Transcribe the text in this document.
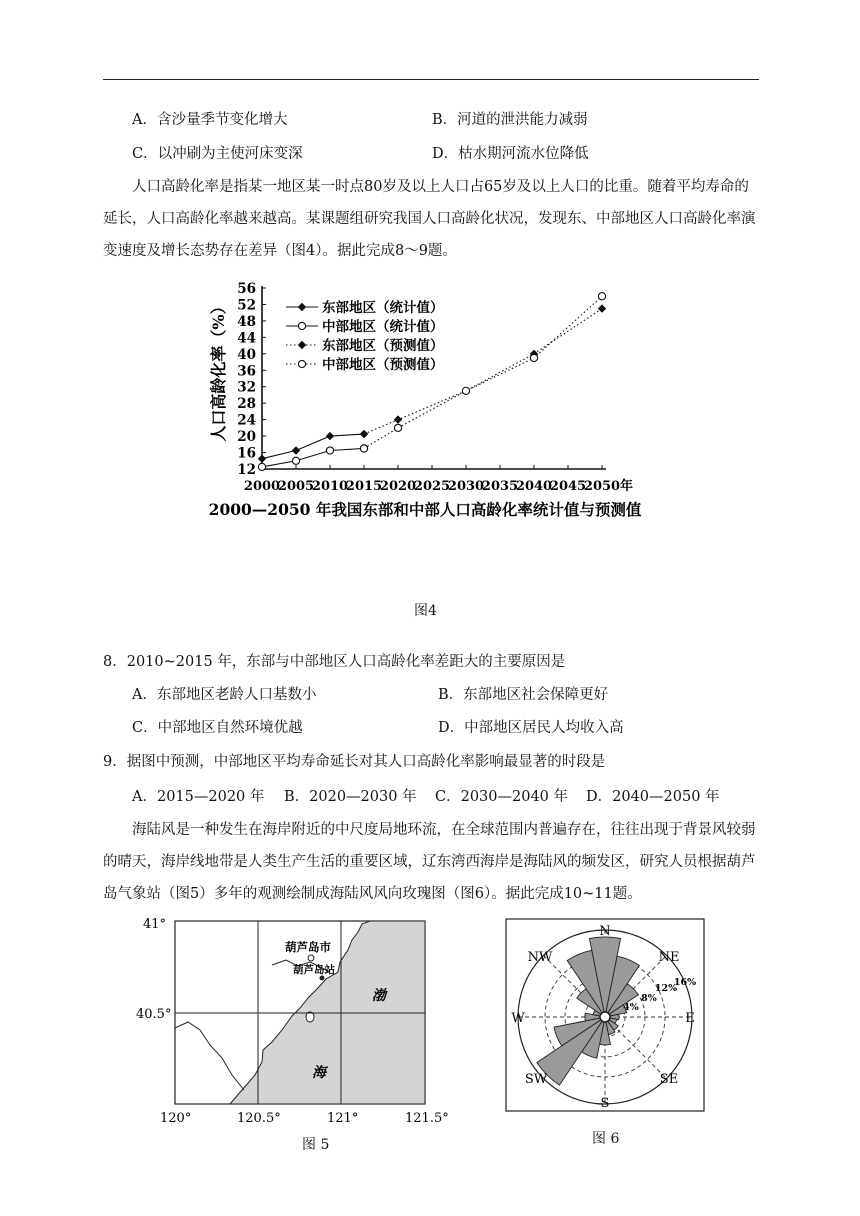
A．含沙量季节变化增大	B．河道的泄洪能力减弱
C．以冲刷为主使河床变深	D．枯水期河流水位降低
人口高龄化率是指某一地区某一时点80岁及以上人口占65岁及以上人口的比重。随着平均寿命的延长，人口高龄化率越来越高。某课题组研究我国人口高龄化状况，发现东、中部地区人口高龄化率演变速度及增长态势存在差异（图4）。据此完成8～9题。
12
16
20
24
28
32
36
40
44
48
52
56
2000
2005
2010
2015
2020
2025
2030
2035
2040
2045
2050 年
东部地区（统计值）
中部地区（统计值）
东部地区（预测值）
中部地区（预测值）
人口高龄化率（%）
2000—2050 年我国东部和中部人口高龄化率统计值与预测值
图4
8．2010~2015 年，东部与中部地区人口高龄化率差距大的主要原因是
A．东部地区老龄人口基数小	B．东部地区社会保障更好
C．中部地区自然环境优越	D．中部地区居民人均收入高
9．据图中预测，中部地区平均寿命延长对其人口高龄化率影响最显著的时段是
A．2015—2020 年 B．2020—2030 年 C．2030—2040 年 D．2040—2050 年
海陆风是一种发生在海岸附近的中尺度局地环流，在全球范围内普遍存在，往往出现于背景风较弱的晴天，海岸线地带是人类生产生活的重要区域，辽东湾西海岸是海陆风的频发区，研究人员根据葫芦岛气象站（图5）多年的观测绘制成海陆风风向玫瑰图（图6）。据此完成10~11题。
41°
40.5°
120°	120.5°	121°	121.5°
葫芦岛市
葫芦岛站
渤
海
图 5
N
NE
E
SE
S
SW
W
NW
4%
8%
12%
16%
图 6
